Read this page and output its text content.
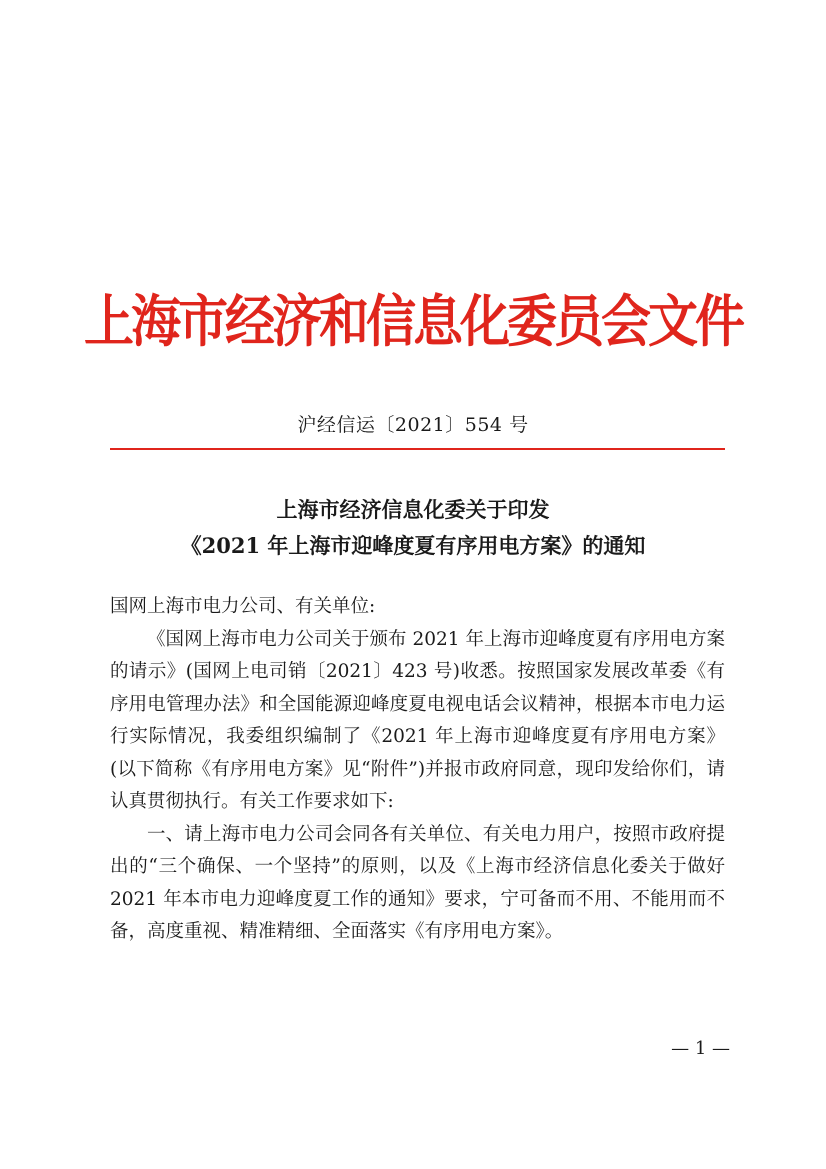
上海市经济和信息化委员会文件
沪经信运〔2021〕554 号
上海市经济信息化委关于印发
《2021 年上海市迎峰度夏有序用电方案》的通知

国网上海市电力公司、有关单位:

《国网上海市电力公司关于颁布 2021 年上海市迎峰度夏有序用电方案的请示》(国网上电司销〔2021〕423 号)收悉。按照国家发展改革委《有序用电管理办法》和全国能源迎峰度夏电视电话会议精神，根据本市电力运行实际情况，我委组织编制了《2021 年上海市迎峰度夏有序用电方案》(以下简称《有序用电方案》见“附件”)并报市政府同意，现印发给你们，请认真贯彻执行。有关工作要求如下:

一、请上海市电力公司会同各有关单位、有关电力用户，按照市政府提出的“三个确保、一个坚持”的原则，以及《上海市经济信息化委关于做好 2021 年本市电力迎峰度夏工作的通知》要求，宁可备而不用、不能用而不备，高度重视、精准精细、全面落实《有序用电方案》。

— 1 —
